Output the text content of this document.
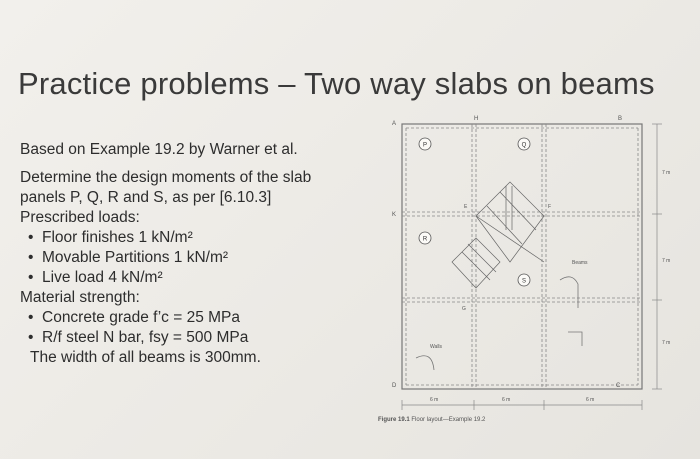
Practice problems – Two way slabs on beams
Based on Example 19.2 by Warner et al.
Determine the design moments of the slab
panels P, Q, R and S, as per [6.10.3]
Prescribed loads:
• Floor finishes 1 kN/m²
• Movable Partitions 1 kN/m²
• Live load 4 kN/m²
Material strength:
• Concrete grade f’c = 25 MPa
• R/f steel N bar, fsy = 500 MPa
The width of all beams is 300mm.
P	Q
R
S
A
H	B
K
D	C
E	F
G
Beams
Walls
7 m
7 m
7 m
6 m	6 m	6 m
Figure 19.1 Floor layout—Example 19.2
